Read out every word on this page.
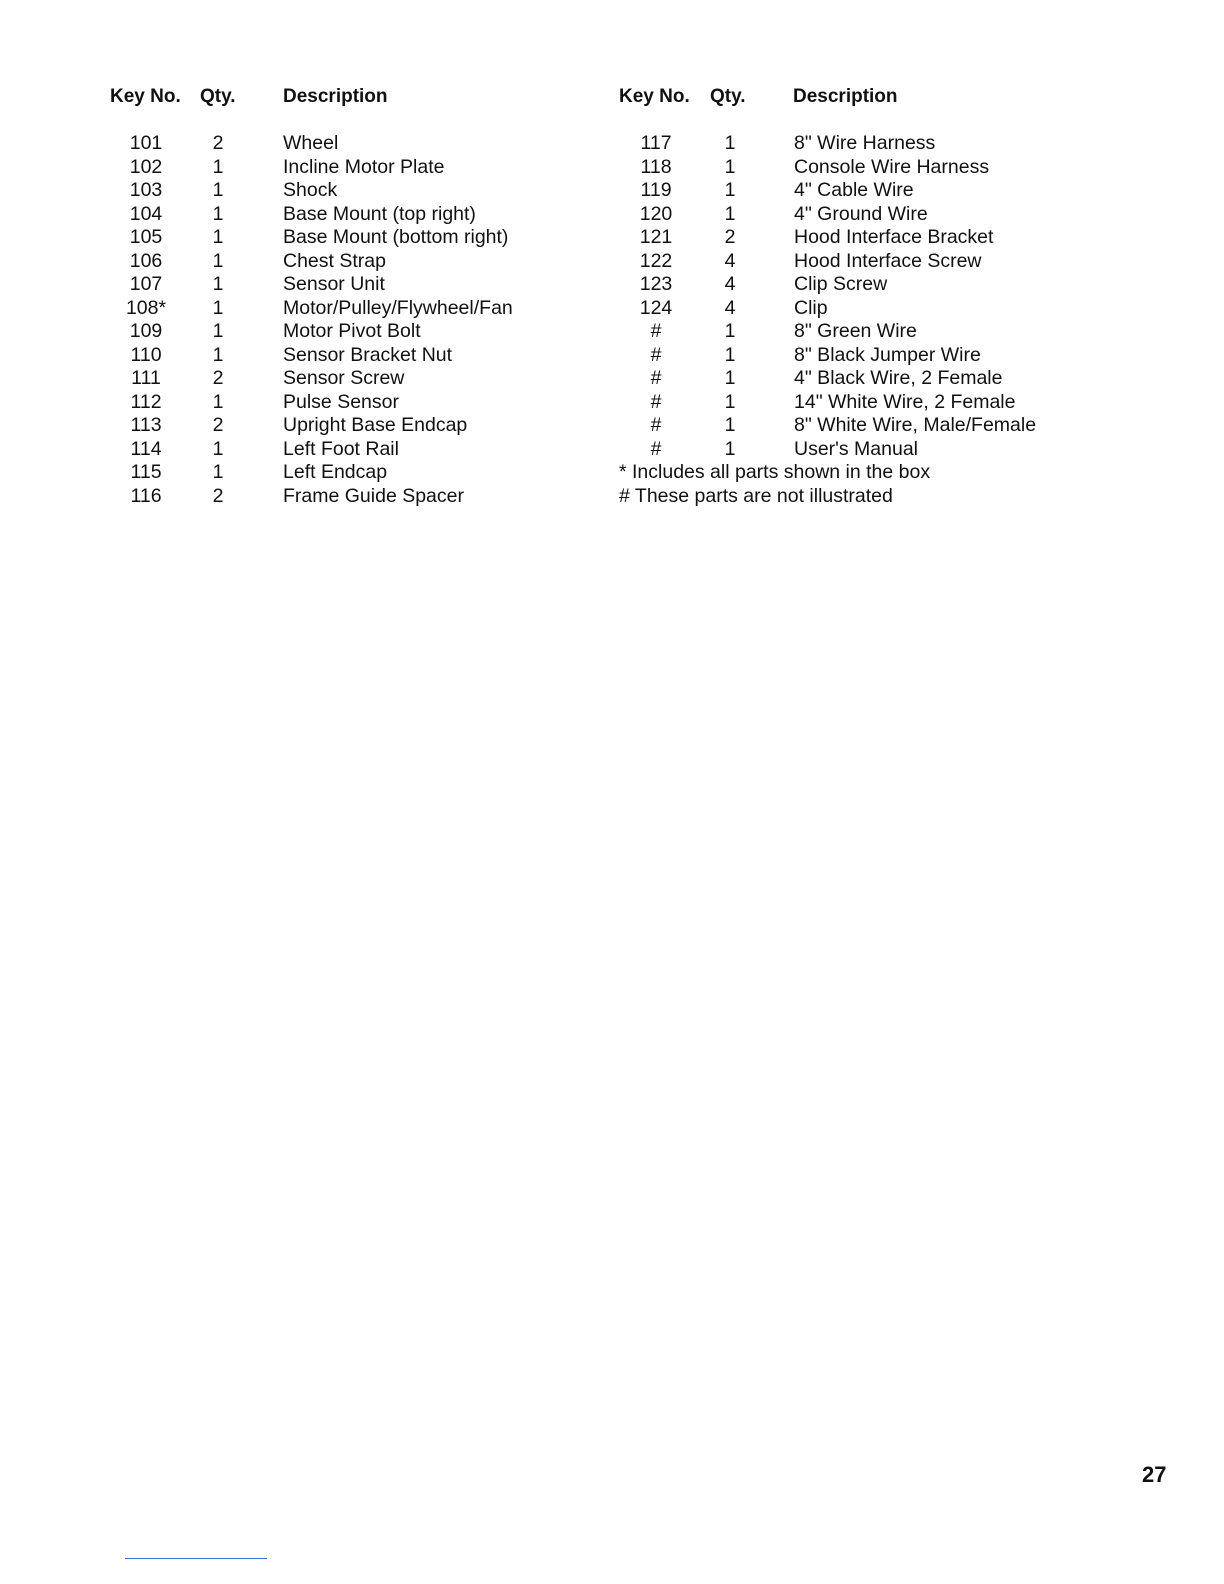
Key No. Qty. Description
101	2	Wheel
102	1	Incline Motor Plate
103	1	Shock
104	1	Base Mount (top right)
105	1	Base Mount (bottom right)
106	1	Chest Strap
107	1	Sensor Unit
108*	1	Motor/Pulley/Flywheel/Fan
109	1	Motor Pivot Bolt
110	1	Sensor Bracket Nut
111	2	Sensor Screw
112	1	Pulse Sensor
113	2	Upright Base Endcap
114	1	Left Foot Rail
115	1	Left Endcap
116	2	Frame Guide Spacer
Key No. Qty. Description
117	1	8" Wire Harness
118	1	Console Wire Harness
119	1	4" Cable Wire
120	1	4" Ground Wire
121	2	Hood Interface Bracket
122	4	Hood Interface Screw
123	4	Clip Screw
124	4	Clip
#	1	8" Green Wire
#	1	8" Black Jumper Wire
#	1	4" Black Wire, 2 Female
#	1	14" White Wire, 2 Female
#	1	8" White Wire, Male/Female
#	1	User's Manual
* Includes all parts shown in the box
# These parts are not illustrated
27
